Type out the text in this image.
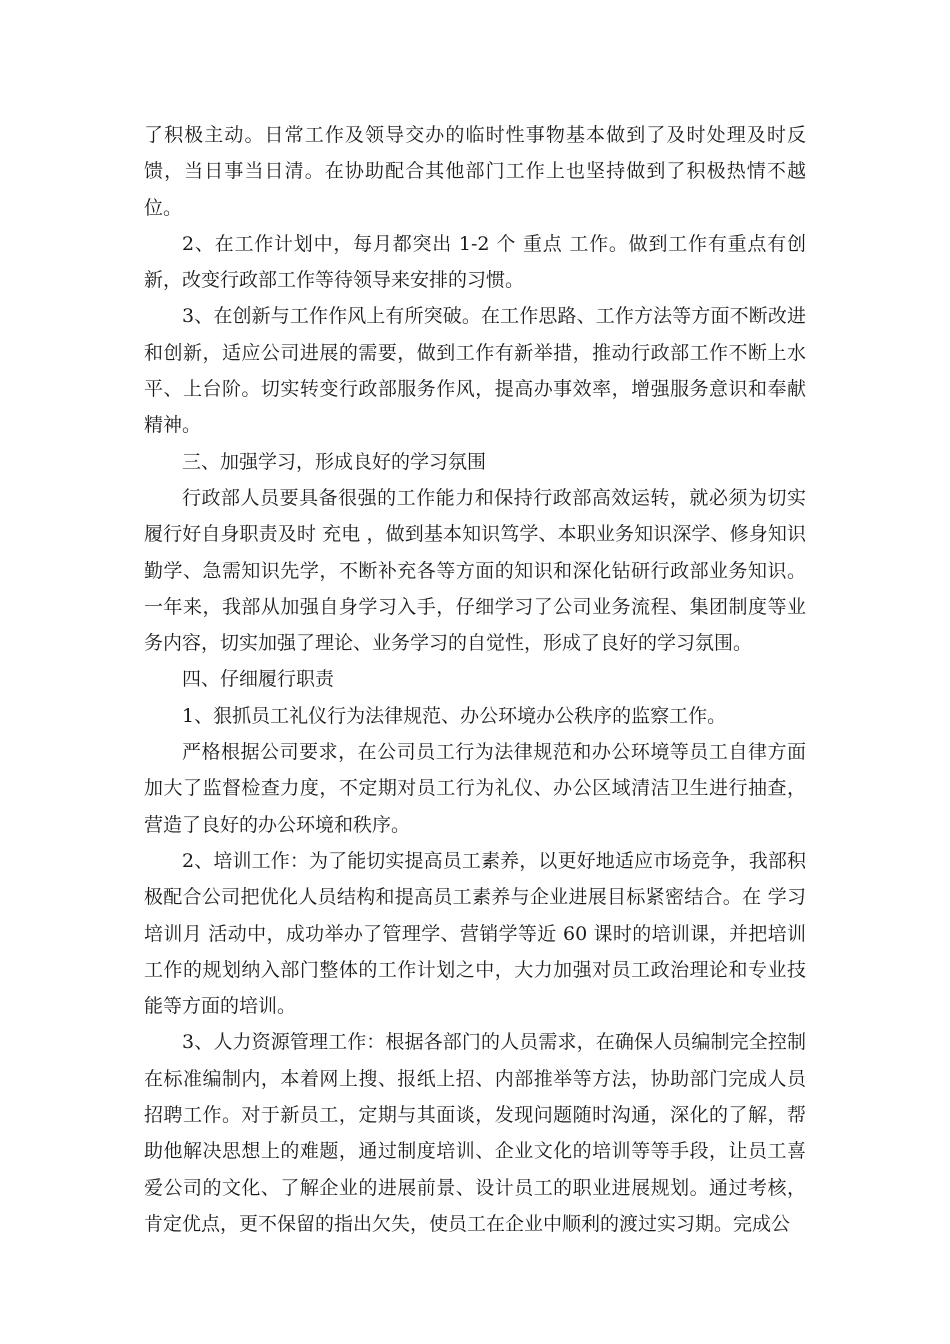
了积极主动。日常工作及领导交办的临时性事物基本做到了及时处理及时反馈，当日事当日清。在协助配合其他部门工作上也坚持做到了积极热情不越位。

2、在工作计划中，每月都突出 1-2 个 重点 工作。做到工作有重点有创新，改变行政部工作等待领导来安排的习惯。

3、在创新与工作作风上有所突破。在工作思路、工作方法等方面不断改进和创新，适应公司进展的需要，做到工作有新举措，推动行政部工作不断上水平、上台阶。切实转变行政部服务作风，提高办事效率，增强服务意识和奉献精神。

三、加强学习，形成良好的学习氛围

行政部人员要具备很强的工作能力和保持行政部高效运转，就必须为切实履行好自身职责及时 充电 ，做到基本知识笃学、本职业务知识深学、修身知识勤学、急需知识先学，不断补充各等方面的知识和深化钻研行政部业务知识。一年来，我部从加强自身学习入手，仔细学习了公司业务流程、集团制度等业务内容，切实加强了理论、业务学习的自觉性，形成了良好的学习氛围。

四、仔细履行职责

1、狠抓员工礼仪行为法律规范、办公环境办公秩序的监察工作。

严格根据公司要求，在公司员工行为法律规范和办公环境等员工自律方面加大了监督检查力度，不定期对员工行为礼仪、办公区域清洁卫生进行抽查，营造了良好的办公环境和秩序。

2、培训工作：为了能切实提高员工素养，以更好地适应市场竞争，我部积极配合公司把优化人员结构和提高员工素养与企业进展目标紧密结合。在 学习培训月 活动中，成功举办了管理学、营销学等近 60 课时的培训课，并把培训工作的规划纳入部门整体的工作计划之中，大力加强对员工政治理论和专业技能等方面的培训。

3、人力资源管理工作：根据各部门的人员需求，在确保人员编制完全控制在标准编制内，本着网上搜、报纸上招、内部推举等方法，协助部门完成人员招聘工作。对于新员工，定期与其面谈，发现问题随时沟通，深化的了解，帮助他解决思想上的难题，通过制度培训、企业文化的培训等等手段，让员工喜爱公司的文化、了解企业的进展前景、设计员工的职业进展规划。通过考核，肯定优点，更不保留的指出欠失，使员工在企业中顺利的渡过实习期。完成公
